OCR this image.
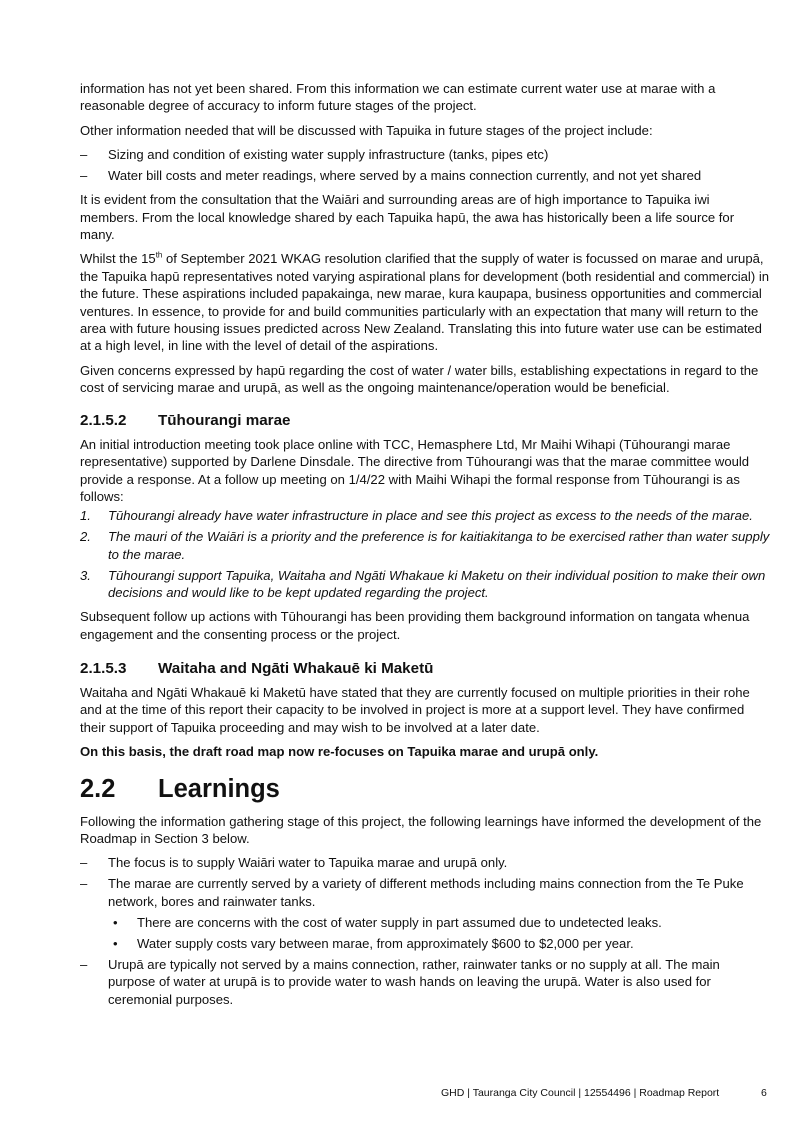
information has not yet been shared. From this information we can estimate current water use at marae with a reasonable degree of accuracy to inform future stages of the project.

Other information needed that will be discussed with Tapuika in future stages of the project include:

– Sizing and condition of existing water supply infrastructure (tanks, pipes etc)
– Water bill costs and meter readings, where served by a mains connection currently, and not yet shared

It is evident from the consultation that the Waiāri and surrounding areas are of high importance to Tapuika iwi members. From the local knowledge shared by each Tapuika hapū, the awa has historically been a life source for many.

Whilst the 15th of September 2021 WKAG resolution clarified that the supply of water is focussed on marae and urupā, the Tapuika hapū representatives noted varying aspirational plans for development (both residential and commercial) in the future. These aspirations included papakainga, new marae, kura kaupapa, business opportunities and commercial ventures. In essence, to provide for and build communities particularly with an expectation that many will return to the area with future housing issues predicted across New Zealand. Translating this into future water use can be estimated at a high level, in line with the level of detail of the aspirations.

Given concerns expressed by hapū regarding the cost of water / water bills, establishing expectations in regard to the cost of servicing marae and urupā, as well as the ongoing maintenance/operation would be beneficial.

2.1.5.2 Tūhourangi marae

An initial introduction meeting took place online with TCC, Hemasphere Ltd, Mr Maihi Wihapi (Tūhourangi marae representative) supported by Darlene Dinsdale. The directive from Tūhourangi was that the marae committee would provide a response. At a follow up meeting on 1/4/22 with Maihi Wihapi the formal response from Tūhourangi is as follows:

1. Tūhourangi already have water infrastructure in place and see this project as excess to the needs of the marae.
2. The mauri of the Waiāri is a priority and the preference is for kaitiakitanga to be exercised rather than water supply to the marae.
3. Tūhourangi support Tapuika, Waitaha and Ngāti Whakaue ki Maketu on their individual position to make their own decisions and would like to be kept updated regarding the project.

Subsequent follow up actions with Tūhourangi has been providing them background information on tangata whenua engagement and the consenting process or the project.

2.1.5.3 Waitaha and Ngāti Whakauē ki Maketū

Waitaha and Ngāti Whakauē ki Maketū have stated that they are currently focused on multiple priorities in their rohe and at the time of this report their capacity to be involved in project is more at a support level. They have confirmed their support of Tapuika proceeding and may wish to be involved at a later date.

On this basis, the draft road map now re-focuses on Tapuika marae and urupā only.

2.2 Learnings

Following the information gathering stage of this project, the following learnings have informed the development of the Roadmap in Section 3 below.

– The focus is to supply Waiāri water to Tapuika marae and urupā only.
– The marae are currently served by a variety of different methods including mains connection from the Te Puke network, bores and rainwater tanks.
• There are concerns with the cost of water supply in part assumed due to undetected leaks.
• Water supply costs vary between marae, from approximately $600 to $2,000 per year.
– Urupā are typically not served by a mains connection, rather, rainwater tanks or no supply at all. The main purpose of water at urupā is to provide water to wash hands on leaving the urupā. Water is also used for ceremonial purposes.
GHD | Tauranga City Council | 12554496 | Roadmap Report	6
